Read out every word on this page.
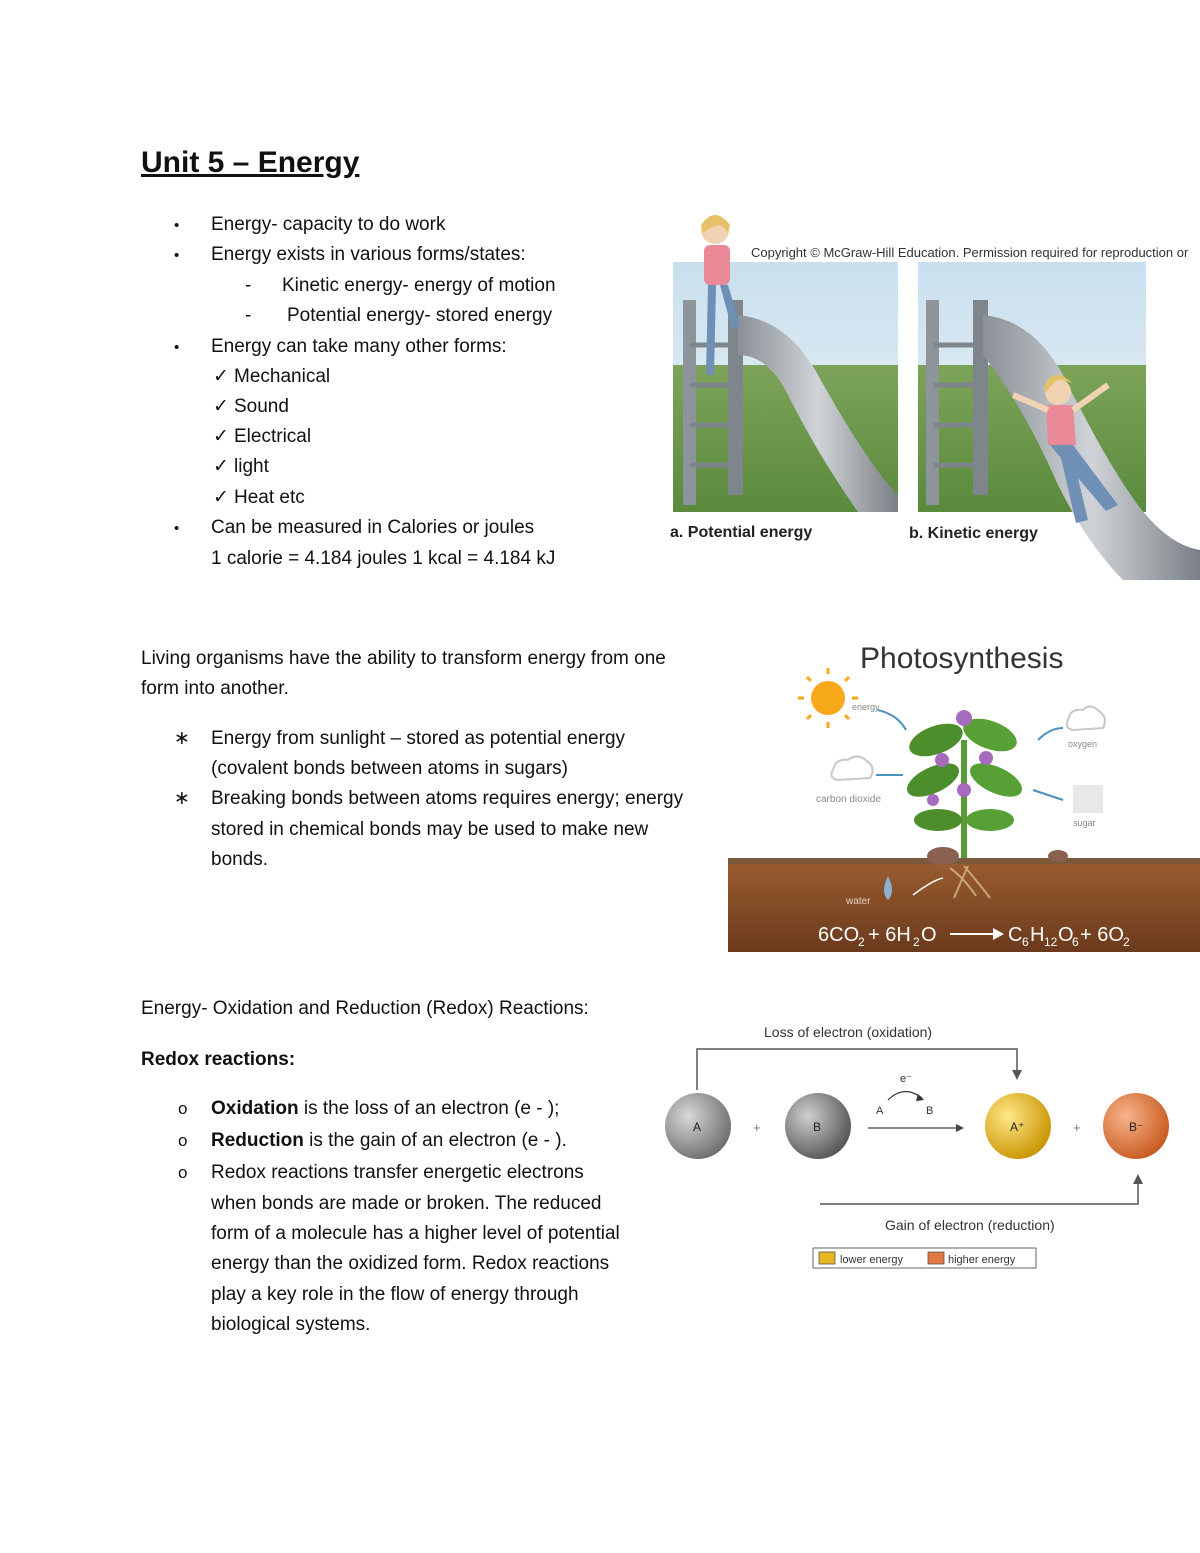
Unit 5 – Energy
• Energy- capacity to do work
• Energy exists in various forms/states:
- Kinetic energy- energy of motion
- Potential energy- stored energy
• Energy can take many other forms:
✓ Mechanical
✓ Sound
✓ Electrical
✓ light
✓ Heat etc
• Can be measured in Calories or joules
1 calorie = 4.184 joules 1 kcal = 4.184 kJ
Copyright © McGraw-Hill Education. Permission required for reproduction or
a. Potential energy	b. Kinetic energy
Living organisms have the ability to transform energy from one
form into another.
∗ Energy from sunlight – stored as potential energy
(covalent bonds between atoms in sugars)
∗ Breaking bonds between atoms requires energy; energy
stored in chemical bonds may be used to make new
bonds.
Photosynthesis
energy
carbon dioxide
oxygen
sugar
water
6CO
2 + 6H 2 O	C 6 H 12 O
6 + 6O 2
Energy- Oxidation and Reduction (Redox) Reactions:
Redox reactions:
o Oxidation is the loss of an electron (e - );
o Reduction is the gain of an electron (e - ).
o Redox reactions transfer energetic electrons
when bonds are made or broken. The reduced
form of a molecule has a higher level of potential
energy than the oxidized form. Redox reactions
play a key role in the flow of energy through
biological systems.
Loss of electron (oxidation)
A	+	B
e⁻
A	B
A⁺	+	B⁻
Gain of electron (reduction)
lower energy	higher energy
